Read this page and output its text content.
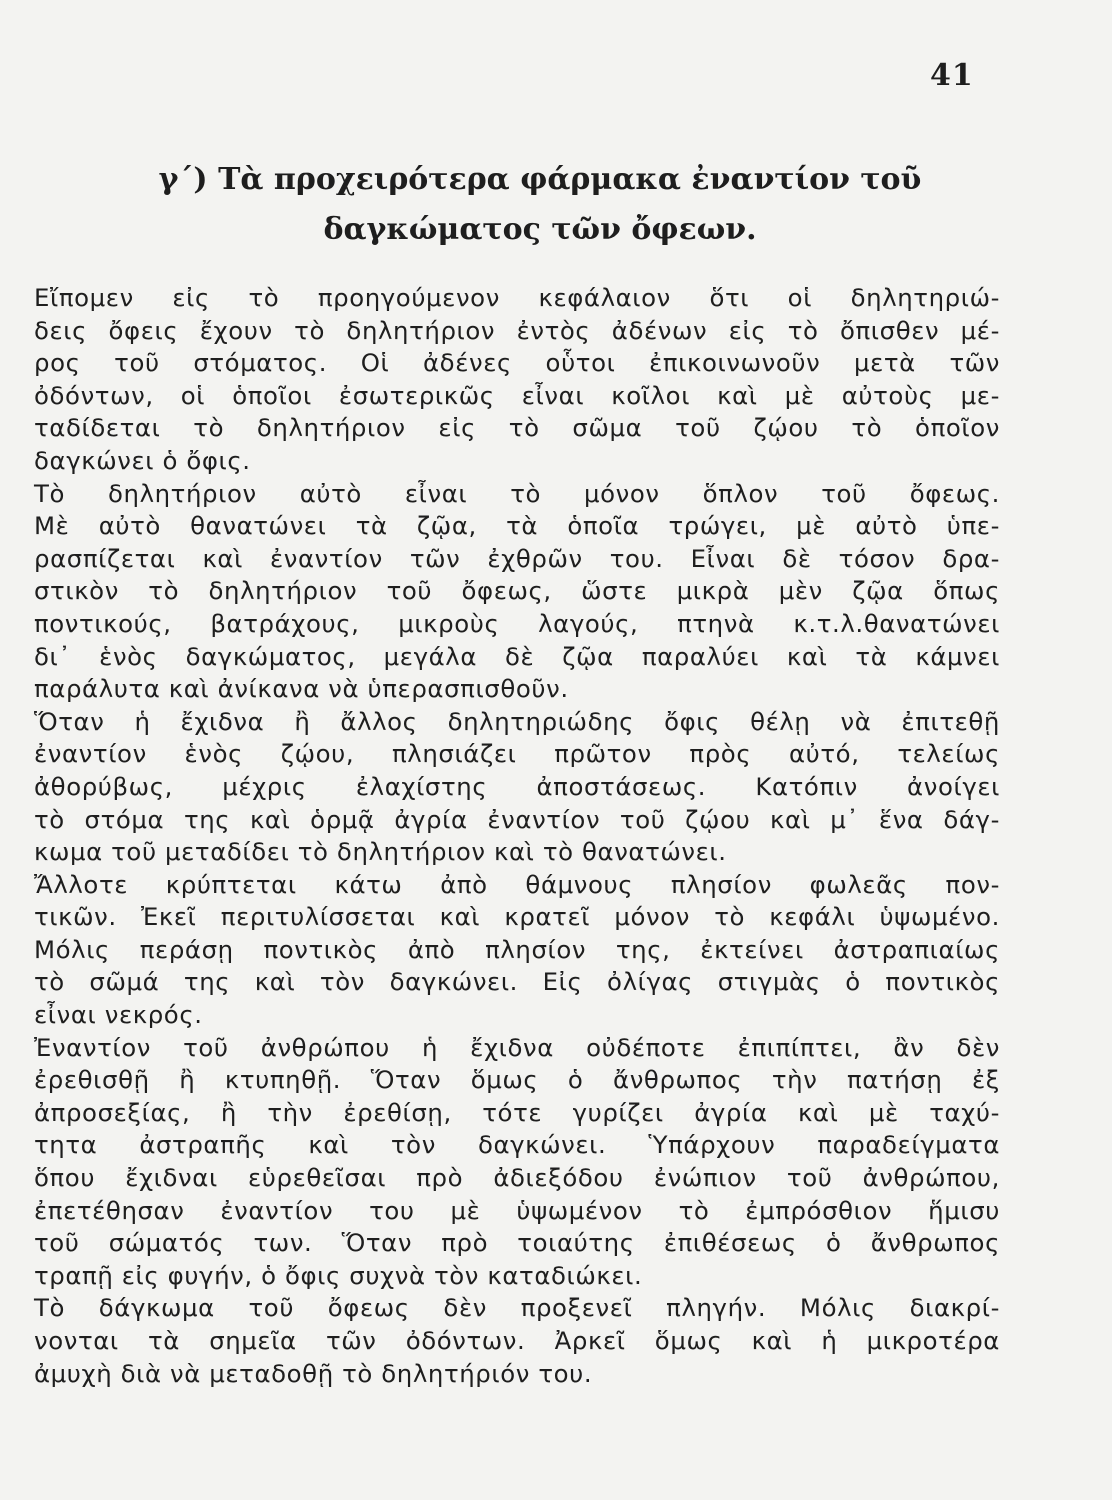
41
γ΄) Τὰ προχειρότερα φάρμακα ἐναντίον τοῦ
δαγκώματος τῶν ὄφεων.
Εἴπομεν εἰς τὸ προηγούμενον κεφάλαιον ὅτι οἱ δηλητηριώ-
δεις ὄφεις ἔχουν τὸ δηλητήριον ἐντὸς ἀδένων εἰς τὸ ὄπισθεν μέ-
ρος τοῦ στόματος. Οἱ ἀδένες οὗτοι ἐπικοινωνοῦν μετὰ τῶν
ὀδόντων, οἱ ὁποῖοι ἐσωτερικῶς εἶναι κοῖλοι καὶ μὲ αὐτοὺς με-
ταδίδεται τὸ δηλητήριον εἰς τὸ σῶμα τοῦ ζῴου τὸ ὁποῖον
δαγκώνει ὁ ὄφις.
Τὸ δηλητήριον αὐτὸ εἶναι τὸ μόνον ὅπλον τοῦ ὄφεως.
Μὲ αὐτὸ θανατώνει τὰ ζῷα, τὰ ὁποῖα τρώγει, μὲ αὐτὸ ὑπε-
ρασπίζεται καὶ ἐναντίον τῶν ἐχθρῶν του. Εἶναι δὲ τόσον δρα-
στικὸν τὸ δηλητήριον τοῦ ὄφεως, ὥστε μικρὰ μὲν ζῷα ὅπως
ποντικούς, βατράχους, μικροὺς λαγούς, πτηνὰ κ.τ.λ.θανατώνει
δι᾽ ἑνὸς δαγκώματος, μεγάλα δὲ ζῷα παραλύει καὶ τὰ κάμνει
παράλυτα καὶ ἀνίκανα νὰ ὑπερασπισθοῦν.
Ὅταν ἡ ἔχιδνα ἢ ἄλλος δηλητηριώδης ὄφις θέλῃ νὰ ἐπιτεθῇ
ἐναντίον ἑνὸς ζῴου, πλησιάζει πρῶτον πρὸς αὐτό, τελείως
ἀθορύβως, μέχρις ἐλαχίστης ἀποστάσεως. Κατόπιν ἀνοίγει
τὸ στόμα της καὶ ὁρμᾷ ἀγρία ἐναντίον τοῦ ζῴου καὶ μ᾽ ἕνα δάγ-
κωμα τοῦ μεταδίδει τὸ δηλητήριον καὶ τὸ θανατώνει.
Ἄλλοτε κρύπτεται κάτω ἀπὸ θάμνους πλησίον φωλεᾶς πον-
τικῶν. Ἐκεῖ περιτυλίσσεται καὶ κρατεῖ μόνον τὸ κεφάλι ὑψωμένο.
Μόλις περάσῃ ποντικὸς ἀπὸ πλησίον της, ἐκτείνει ἀστραπιαίως
τὸ σῶμά της καὶ τὸν δαγκώνει. Εἰς ὀλίγας στιγμὰς ὁ ποντικὸς
εἶναι νεκρός.
Ἐναντίον τοῦ ἀνθρώπου ἡ ἔχιδνα οὐδέποτε ἐπιπίπτει, ἂν δὲν
ἐρεθισθῇ ἢ κτυπηθῇ. Ὅταν ὅμως ὁ ἄνθρωπος τὴν πατήσῃ ἐξ
ἀπροσεξίας, ἢ τὴν ἐρεθίσῃ, τότε γυρίζει ἀγρία καὶ μὲ ταχύ-
τητα ἀστραπῆς καὶ τὸν δαγκώνει. Ὑπάρχουν παραδείγματα
ὅπου ἔχιδναι εὑρεθεῖσαι πρὸ ἀδιεξόδου ἐνώπιον τοῦ ἀνθρώπου,
ἐπετέθησαν ἐναντίον του μὲ ὑψωμένον τὸ ἐμπρόσθιον ἥμισυ
τοῦ σώματός των. Ὅταν πρὸ τοιαύτης ἐπιθέσεως ὁ ἄνθρωπος
τραπῇ εἰς φυγήν, ὁ ὄφις συχνὰ τὸν καταδιώκει.
Τὸ δάγκωμα τοῦ ὄφεως δὲν προξενεῖ πληγήν. Μόλις διακρί-
νονται τὰ σημεῖα τῶν ὀδόντων. Ἀρκεῖ ὅμως καὶ ἡ μικροτέρα
ἀμυχὴ διὰ νὰ μεταδοθῇ τὸ δηλητήριόν του.
